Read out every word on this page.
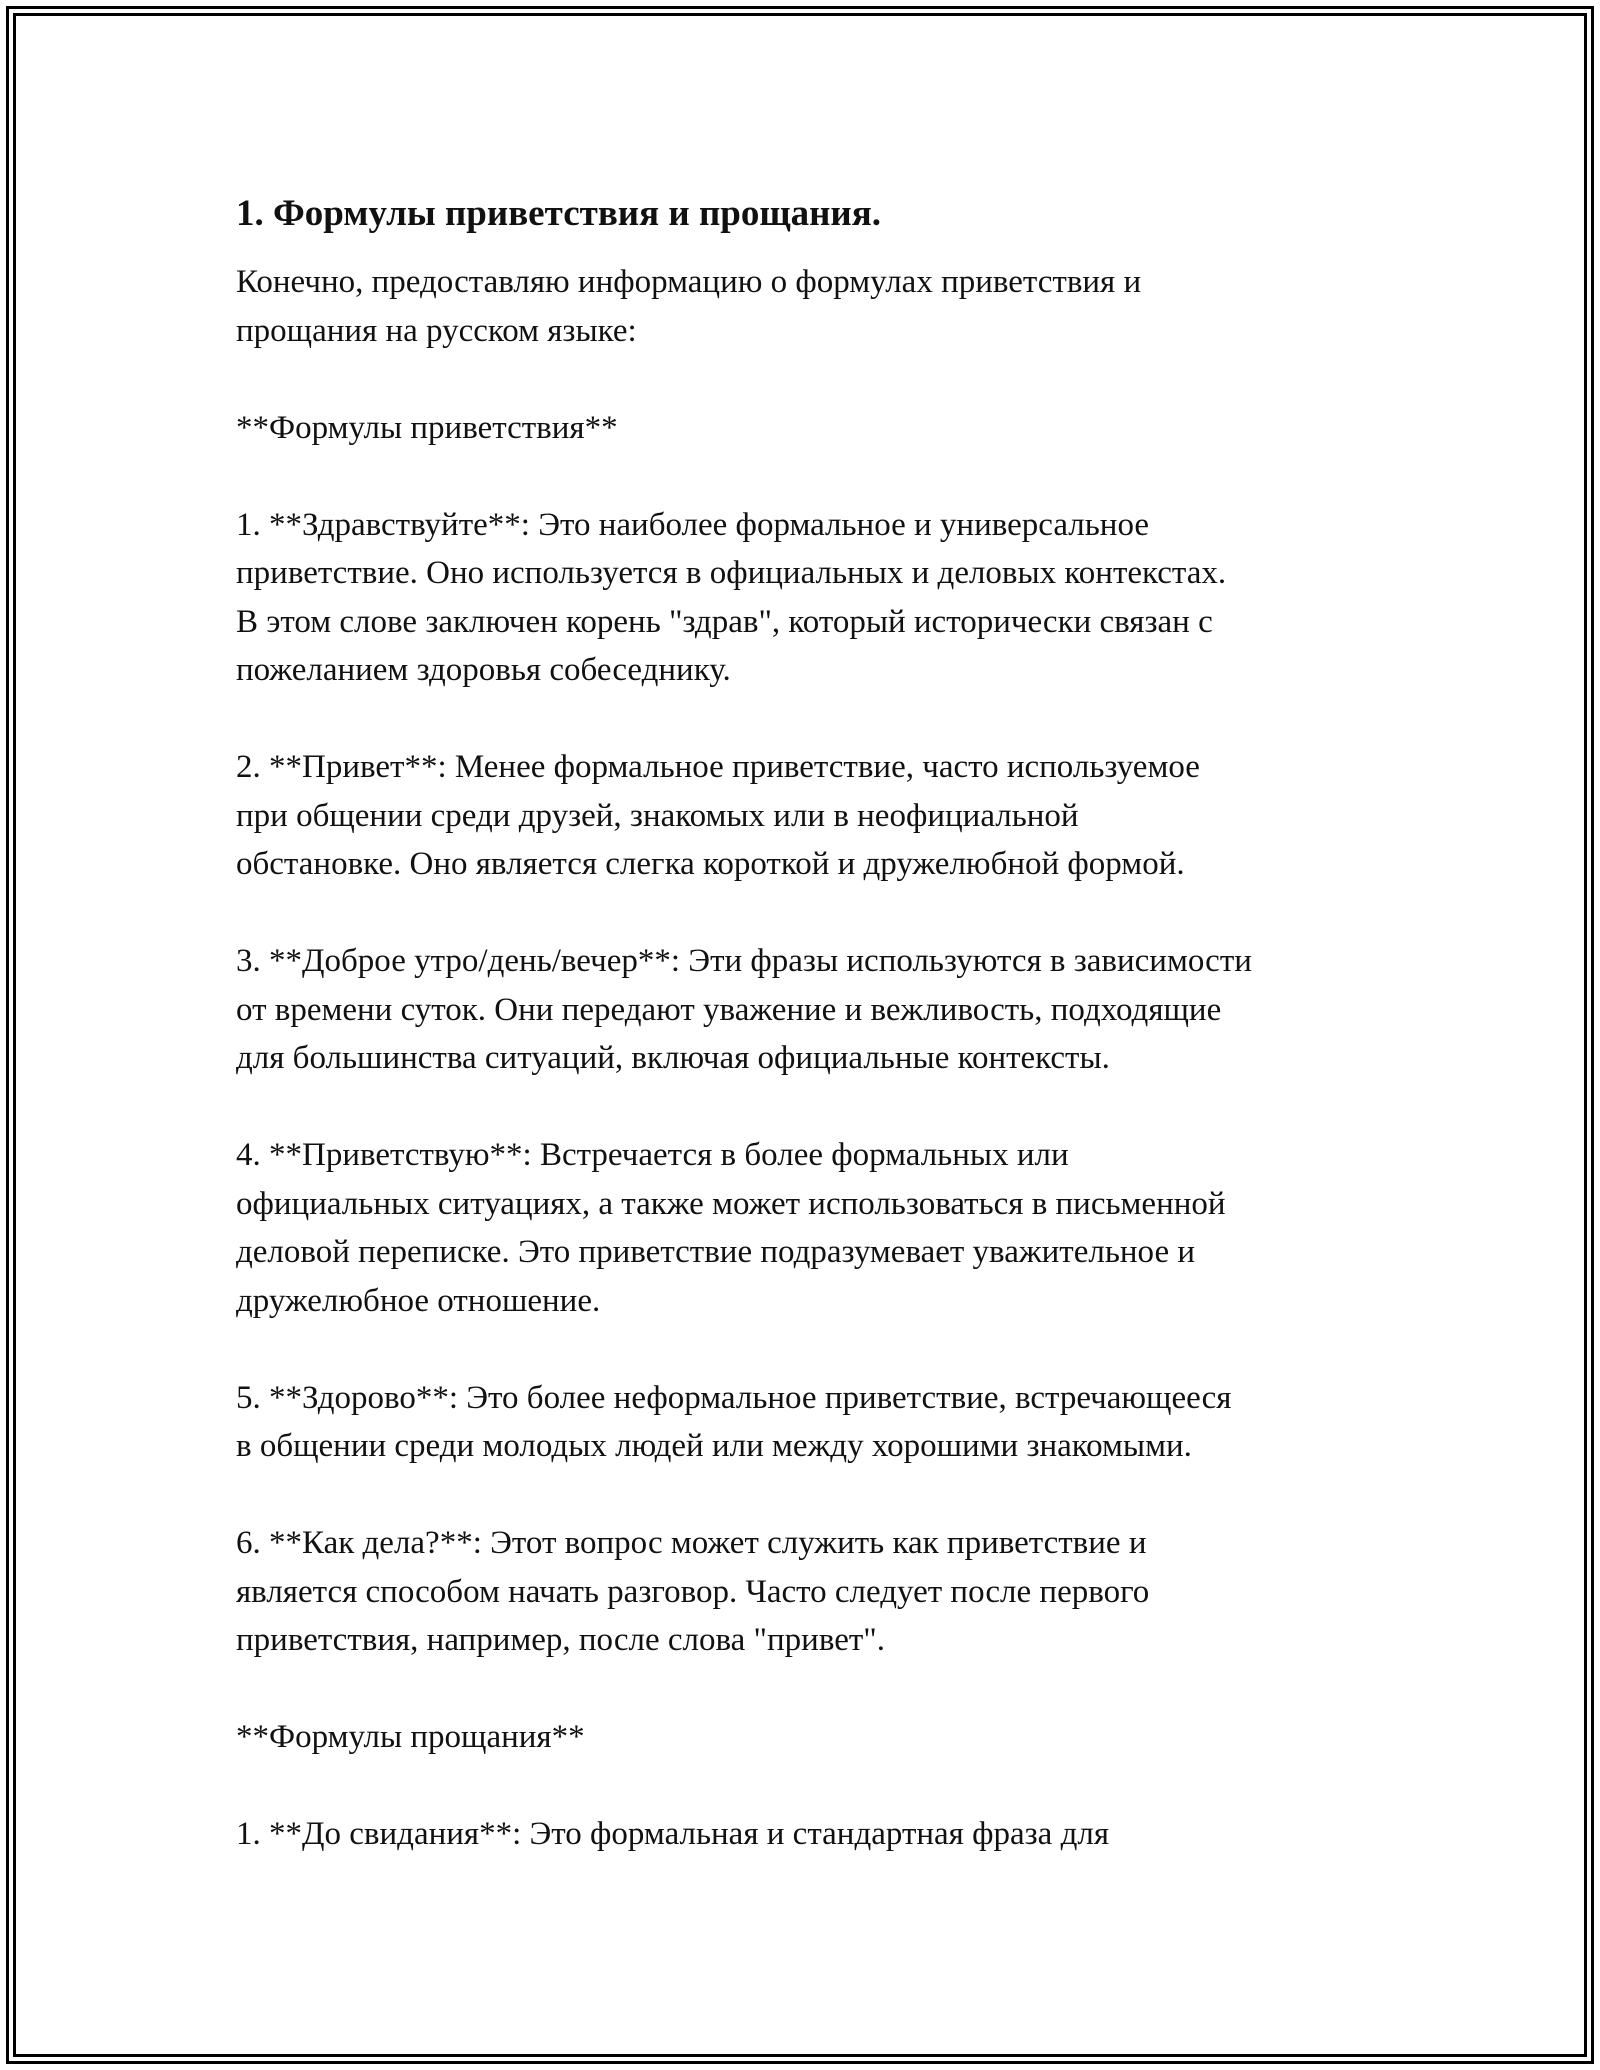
1. Формулы приветствия и прощания.
Конечно, предоставляю информацию о формулах приветствия и
прощания на русском языке:
**Формулы приветствия**
1. **Здравствуйте**: Это наиболее формальное и универсальное
приветствие. Оно используется в официальных и деловых контекстах.
В этом слове заключен корень "здрав", который исторически связан с
пожеланием здоровья собеседнику.
2. **Привет**: Менее формальное приветствие, часто используемое
при общении среди друзей, знакомых или в неофициальной
обстановке. Оно является слегка короткой и дружелюбной формой.
3. **Доброе утро/день/вечер**: Эти фразы используются в зависимости
от времени суток. Они передают уважение и вежливость, подходящие
для большинства ситуаций, включая официальные контексты.
4. **Приветствую**: Встречается в более формальных или
официальных ситуациях, а также может использоваться в письменной
деловой переписке. Это приветствие подразумевает уважительное и
дружелюбное отношение.
5. **Здорово**: Это более неформальное приветствие, встречающееся
в общении среди молодых людей или между хорошими знакомыми.
6. **Как дела?**: Этот вопрос может служить как приветствие и
является способом начать разговор. Часто следует после первого
приветствия, например, после слова "привет".
**Формулы прощания**
1. **До свидания**: Это формальная и стандартная фраза для
